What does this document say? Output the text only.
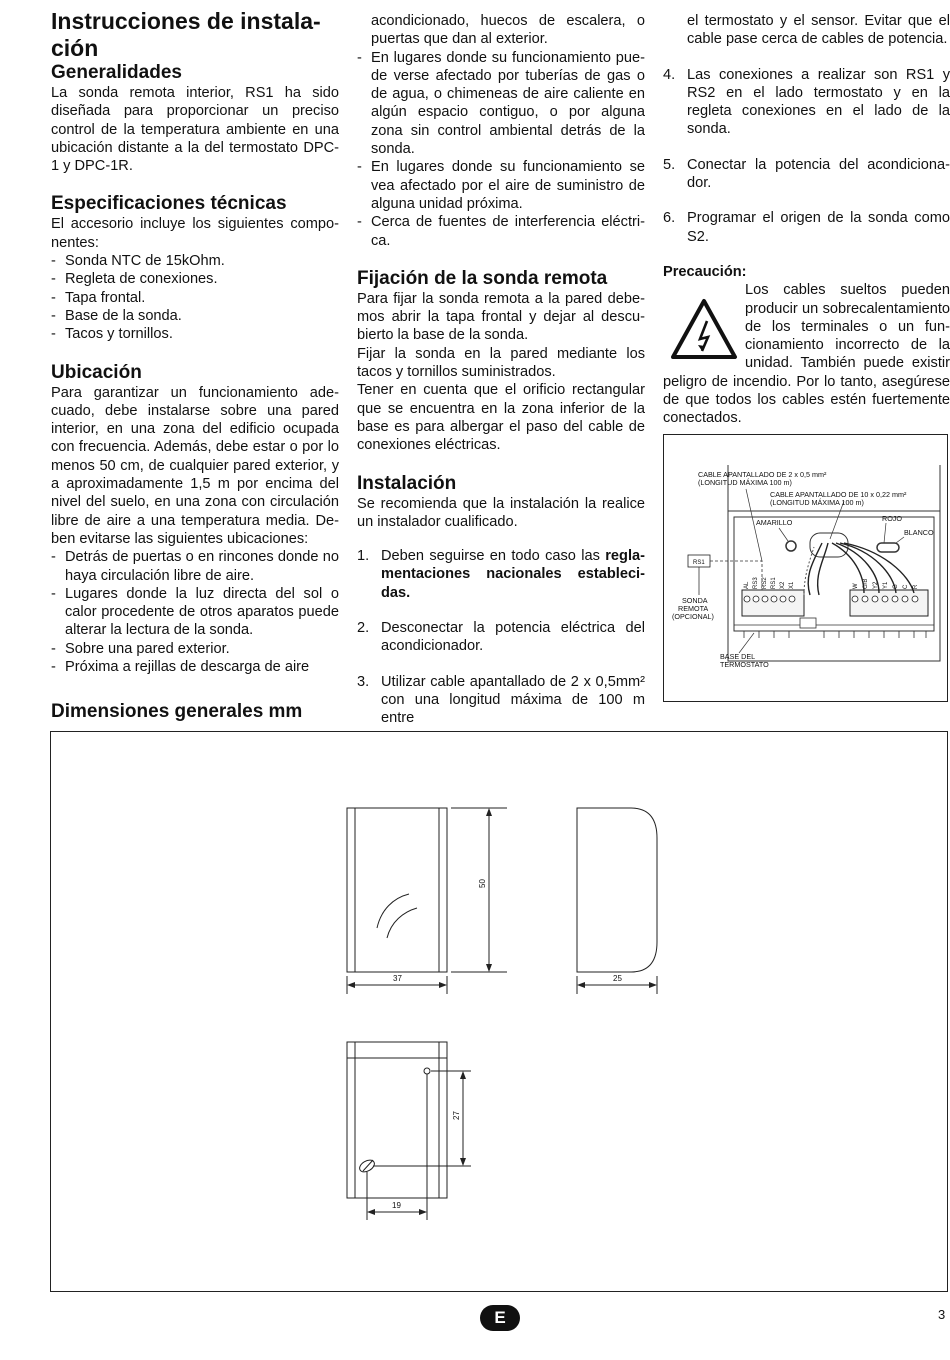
Instrucciones de instalación
Generalidades

La sonda remota interior, RS1 ha sido diseñada para proporcionar un preciso control de la temperatura ambiente en una ubicación distante a la del termostato DPC-1 y DPC-1R.

Especificaciones técnicas

El accesorio incluye los siguientes componentes:

- Sonda NTC de 15kOhm.
- Regleta de conexiones.
- Tapa frontal.
- Base de la sonda.
- Tacos y tornillos.
Ubicación

Para garantizar un funcionamiento adecuado, debe instalarse sobre una pared interior, en una zona del edificio ocupada con frecuencia. Además, debe estar o por lo menos 50 cm, de cualquier pared exterior, y a aproximadamente 1,5 m por encima del nivel del suelo, en una zona con circulación libre de aire a una temperatura media. Deben evitarse las siguientes ubicaciones:

- Detrás de puertas o en rincones donde no haya circulación libre de aire.
- Lugares donde la luz directa del sol o calor procedente de otros aparatos puede alterar la lectura de la sonda.
- Sobre una pared exterior.
- Próxima a rejillas de descarga de aire

acondicionado, huecos de escalera, o puertas que dan al exterior.

- En lugares donde su funcionamiento puede verse afectado por tuberías de gas o de agua, o chimeneas de aire caliente en algún espacio contiguo, o por alguna zona sin control ambiental detrás de la sonda.
- En lugares donde su funcionamiento se vea afectado por el aire de suministro de alguna unidad próxima.
- Cerca de fuentes de interferencia eléctrica.
Fijación de la sonda remota

Para fijar la sonda remota a la pared debemos abrir la tapa frontal y dejar al descubierto la base de la sonda.

Fijar la sonda en la pared mediante los tacos y tornillos suministrados.

Tener en cuenta que el orificio rectangular que se encuentra en la zona inferior de la base es para albergar el paso del cable de conexiones eléctricas.

Instalación

Se recomienda que la instalación la realice un instalador cualificado.

1. Deben seguirse en todo caso las reglamentaciones nacionales establecidas.
2. Desconectar la potencia eléctrica del acondicionador.
3. Utilizar cable apantallado de 2 x 0,5mm² con una longitud máxima de 100 m entre

el termostato y el sensor. Evitar que el cable pase cerca de cables de potencia.

4. Las conexiones a realizar son RS1 y RS2 en el lado termostato y en la regleta conexiones en el lado de la sonda.
5. Conectar la potencia del acondicionador.
6. Programar el origen de la sonda como S2.
Precaución:

Los cables sueltos pueden producir un sobrecalentamiento de los terminales o un funcionamiento incorrecto de la unidad. También puede existir peligro de incendio. Por lo tanto, asegúrese de que todos los cables estén fuertemente conectados.

AL RS3 RS2 RS1 X2 X1	W O/B Y2 Y1 G C R
RS1
CABLE APANTALLADO DE 2 x 0,5 mm²
(LONGITUD MÁXIMA 100 m)
CABLE APANTALLADO DE 10 x 0,22 mm²
(LONGITUD MÁXIMA 100 m)
AMARILLO	ROJO
BLANCO
SONDA
REMOTA
(OPCIONAL)
BASE DEL
TERMOSTATO
Dimensiones generales mm
50
37	25
27
19
E	3
